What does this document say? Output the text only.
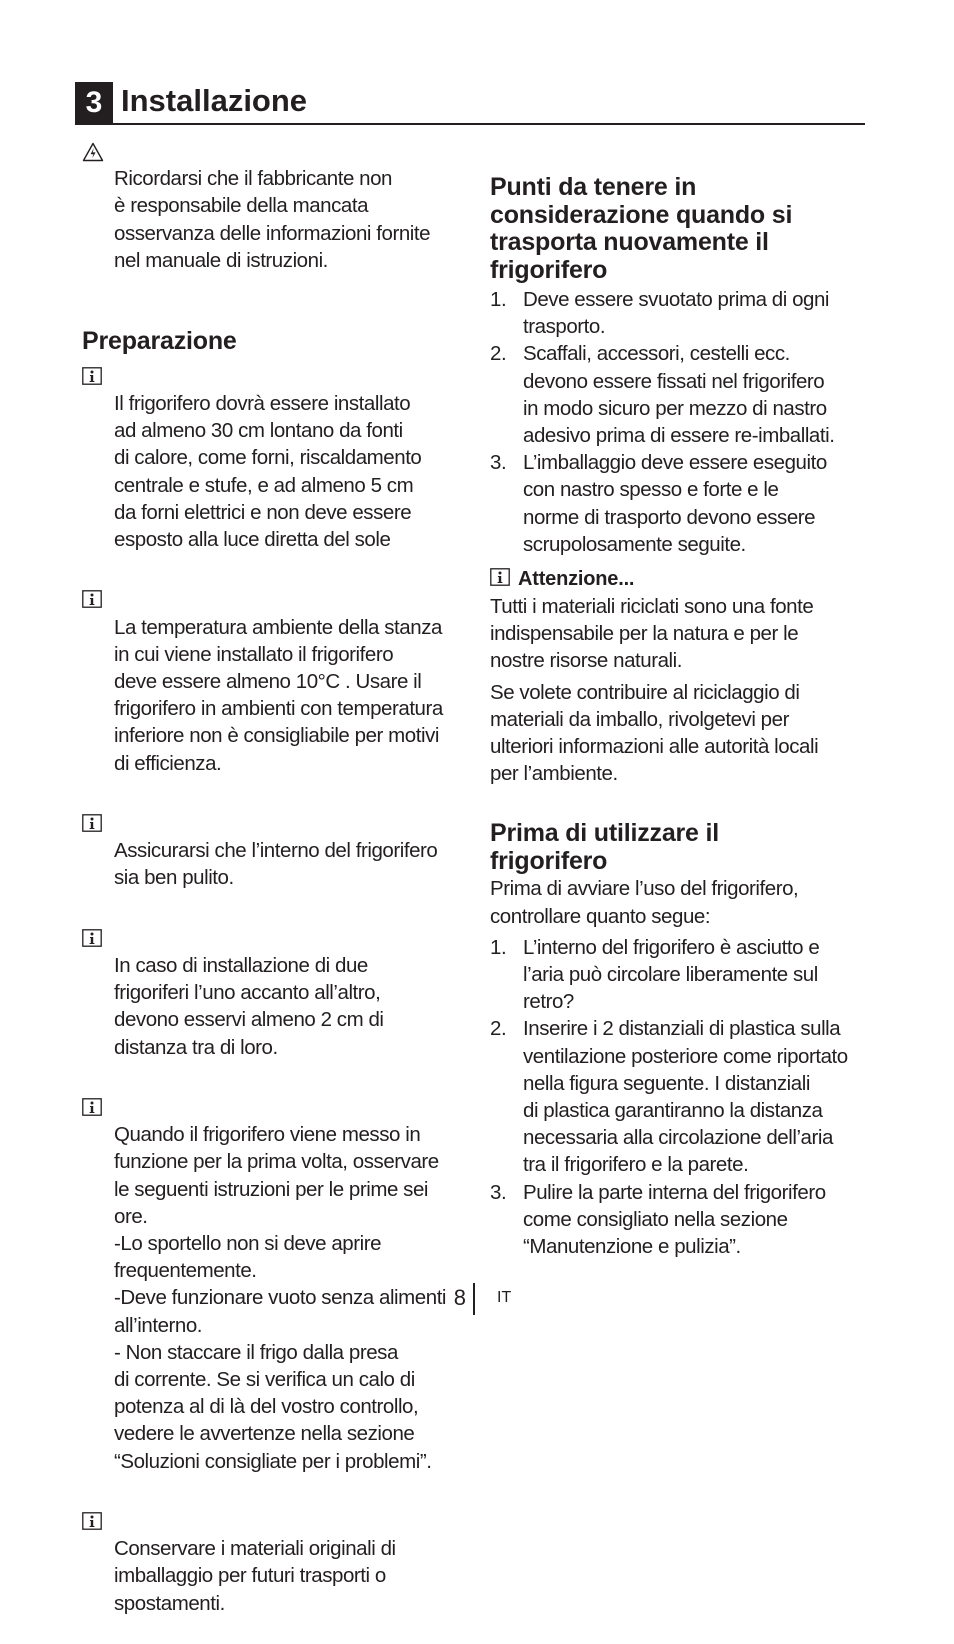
3 Installazione

Ricordarsi che il fabbricante non
è responsabile della mancata
osservanza delle informazioni fornite
nel manuale di istruzioni.

Preparazione

Il frigorifero dovrà essere installato
ad almeno 30 cm lontano da fonti
di calore, come forni, riscaldamento
centrale e stufe, e ad almeno 5 cm
da forni elettrici e non deve essere
esposto alla luce diretta del sole

La temperatura ambiente della stanza
in cui viene installato il frigorifero
deve essere almeno 10°C . Usare il
frigorifero in ambienti con temperatura
inferiore non è consigliabile per motivi
di efficienza.

Assicurarsi che l’interno del frigorifero
sia ben pulito.

In caso di installazione di due
frigoriferi l’uno accanto all’altro,
devono esservi almeno 2 cm di
distanza tra di loro.

Quando il frigorifero viene messo in
funzione per la prima volta, osservare
le seguenti istruzioni per le prime sei
ore.
-Lo sportello non si deve aprire
frequentemente.
-Deve funzionare vuoto senza alimenti
all’interno.
- Non staccare il frigo dalla presa
di corrente. Se si verifica un calo di
potenza al di là del vostro controllo,
vedere le avvertenze nella sezione
“Soluzioni consigliate per i problemi”.

Conservare i materiali originali di
imballaggio per futuri trasporti o
spostamenti.

Punti da tenere in
considerazione quando si
trasporta nuovamente il
frigorifero
1. Deve essere svuotato prima di ogni
trasporto.
2. Scaffali, accessori, cestelli ecc.
devono essere fissati nel frigorifero
in modo sicuro per mezzo di nastro
adesivo prima di essere re-imballati.
3. L’imballaggio deve essere eseguito
con nastro spesso e forte e le
norme di trasporto devono essere
scrupolosamente seguite.
Attenzione...
Tutti i materiali riciclati sono una fonte
indispensabile per la natura e per le
nostre risorse naturali.
Se volete contribuire al riciclaggio di
materiali da imballo, rivolgetevi per
ulteriori informazioni alle autorità locali
per l’ambiente.
Prima di utilizzare il
frigorifero
Prima di avviare l’uso del frigorifero,
controllare quanto segue:
1. L’interno del frigorifero è asciutto e
l’aria può circolare liberamente sul
retro?
2. Inserire i 2 distanziali di plastica sulla
ventilazione posteriore come riportato
nella figura seguente. I distanziali
di plastica garantiranno la distanza
necessaria alla circolazione dell’aria
tra il frigorifero e la parete.
3. Pulire la parte interna del frigorifero
come consigliato nella sezione
“Manutenzione e pulizia”.
8 IT
